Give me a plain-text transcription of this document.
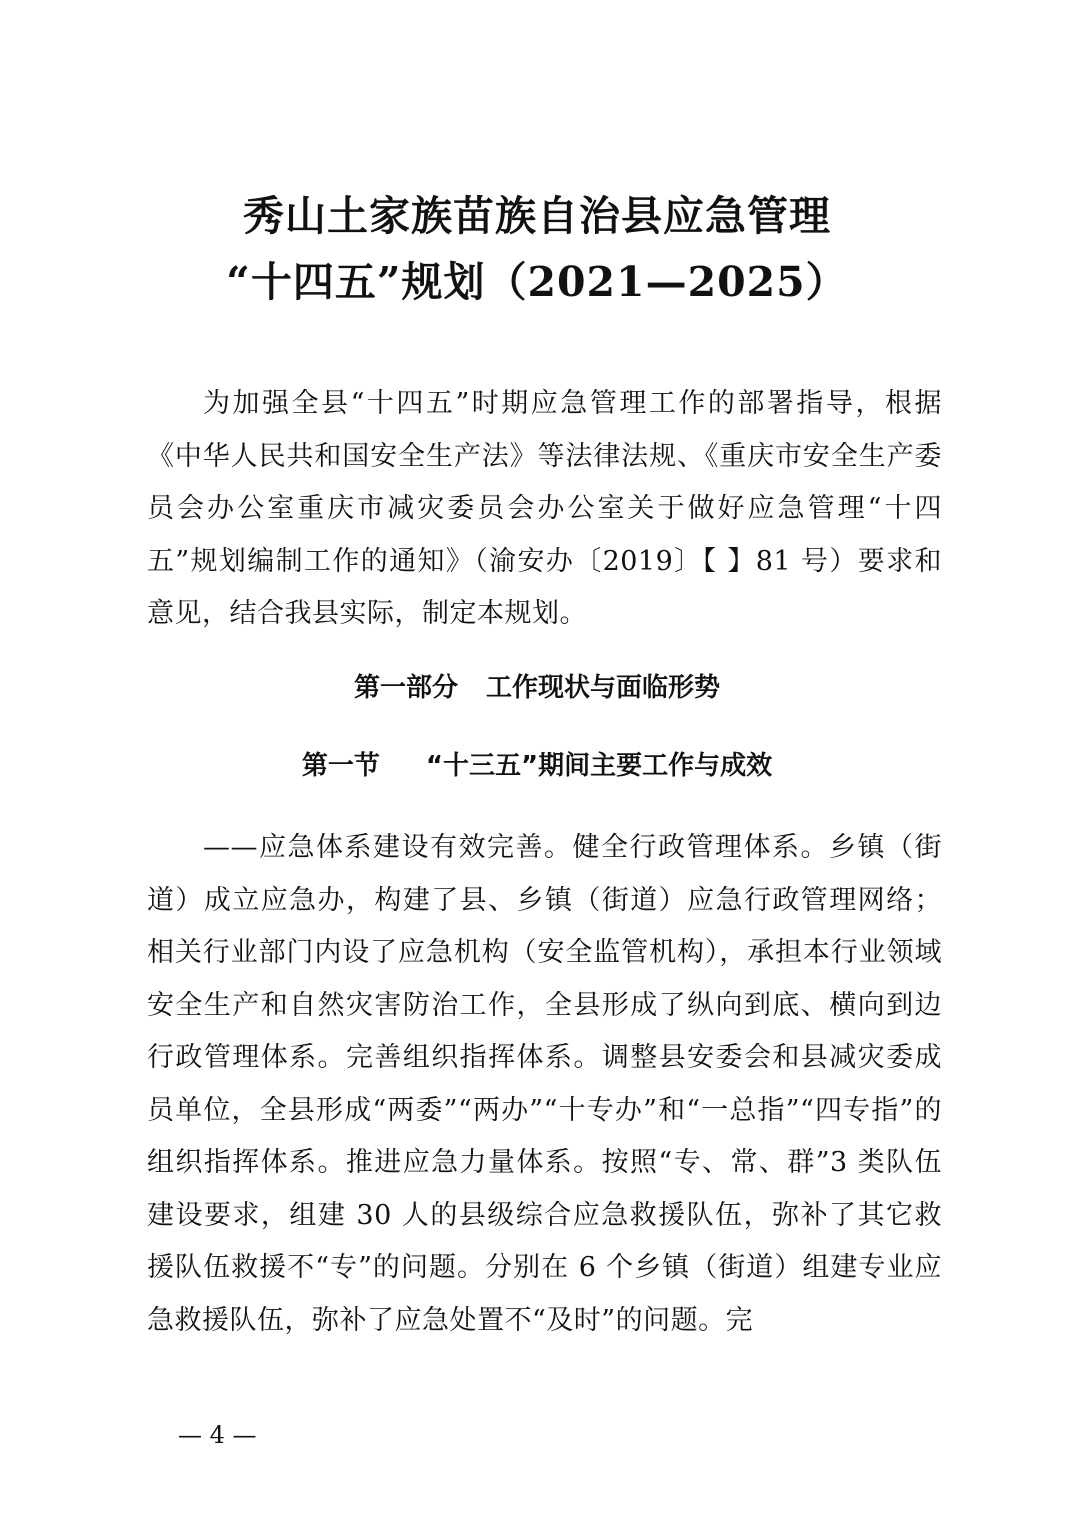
秀山土家族苗族自治县应急管理
“十四五”规划（2021—2025）

为加强全县“十四五”时期应急管理工作的部署指导，根据《中华人民共和国安全生产法》等法律法规、《重庆市安全生产委员会办公室重庆市减灾委员会办公室关于做好应急管理“十四五”规划编制工作的通知》（渝安办〔2019〕【 】81 号）要求和意见，结合我县实际，制定本规划。

第一部分 工作现状与面临形势
第一节 “十三五”期间主要工作与成效

——应急体系建设有效完善。健全行政管理体系。乡镇（街道）成立应急办，构建了县、乡镇（街道）应急行政管理网络；相关行业部门内设了应急机构（安全监管机构），承担本行业领域安全生产和自然灾害防治工作，全县形成了纵向到底、横向到边行政管理体系。完善组织指挥体系。调整县安委会和县减灾委成员单位，全县形成“两委”“两办”“十专办”和“一总指”“四专指”的组织指挥体系。推进应急力量体系。按照“专、常、群”3 类队伍建设要求，组建 30 人的县级综合应急救援队伍，弥补了其它救援队伍救援不“专”的问题。分别在 6 个乡镇（街道）组建专业应急救援队伍，弥补了应急处置不“及时”的问题。完

— 4 —
